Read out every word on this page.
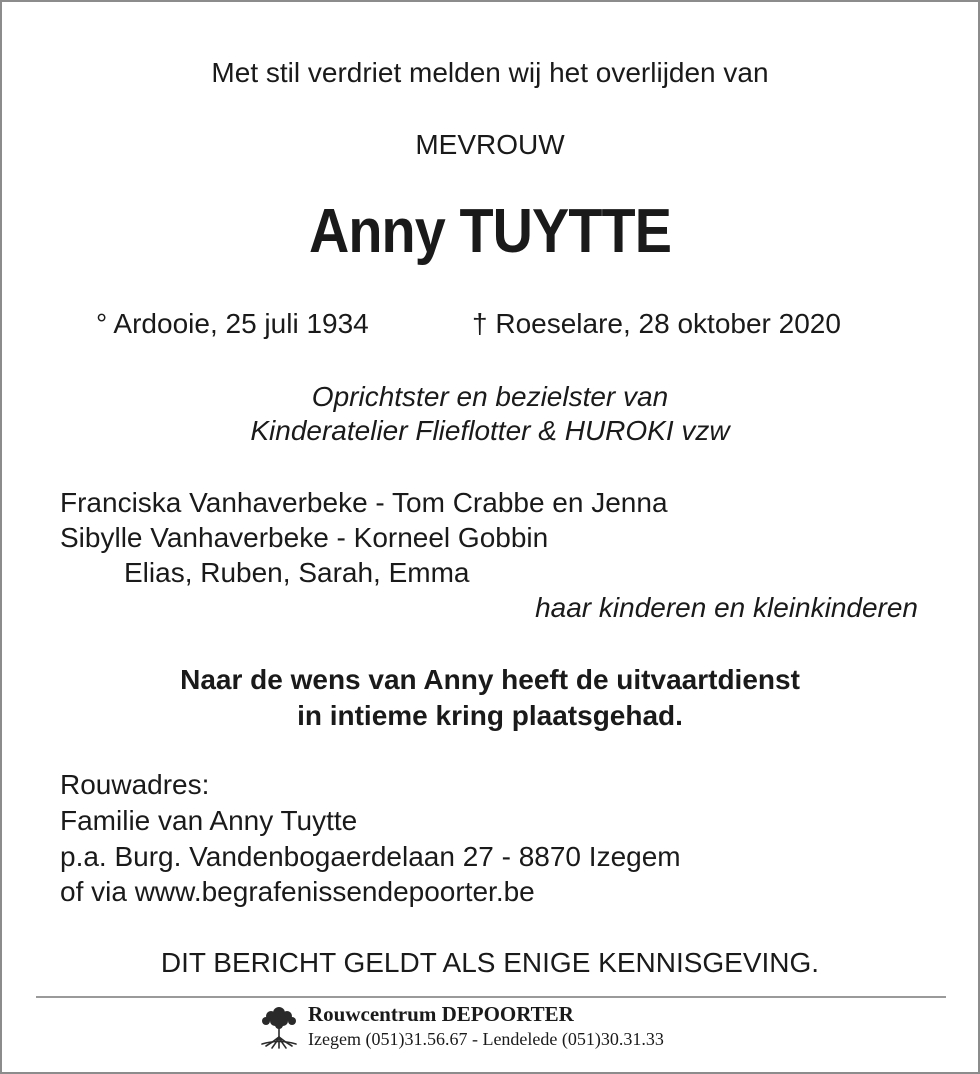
Met stil verdriet melden wij het overlijden van
MEVROUW
Anny TUYTTE
° Ardooie, 25 juli 1934	† Roeselare, 28 oktober 2020
Oprichtster en bezielster van
Kinderatelier Flieflotter & HUROKI vzw
Franciska Vanhaverbeke - Tom Crabbe en Jenna
Sibylle Vanhaverbeke - Korneel Gobbin
Elias, Ruben, Sarah, Emma
haar kinderen en kleinkinderen
Naar de wens van Anny heeft de uitvaartdienst
in intieme kring plaatsgehad.
Rouwadres:
Familie van Anny Tuytte
p.a. Burg. Vandenbogaerdelaan 27 - 8870 Izegem
of via www.begrafenissendepoorter.be
DIT BERICHT GELDT ALS ENIGE KENNISGEVING.
Rouwcentrum DEPOORTER
Izegem (051)31.56.67 - Lendelede (051)30.31.33
